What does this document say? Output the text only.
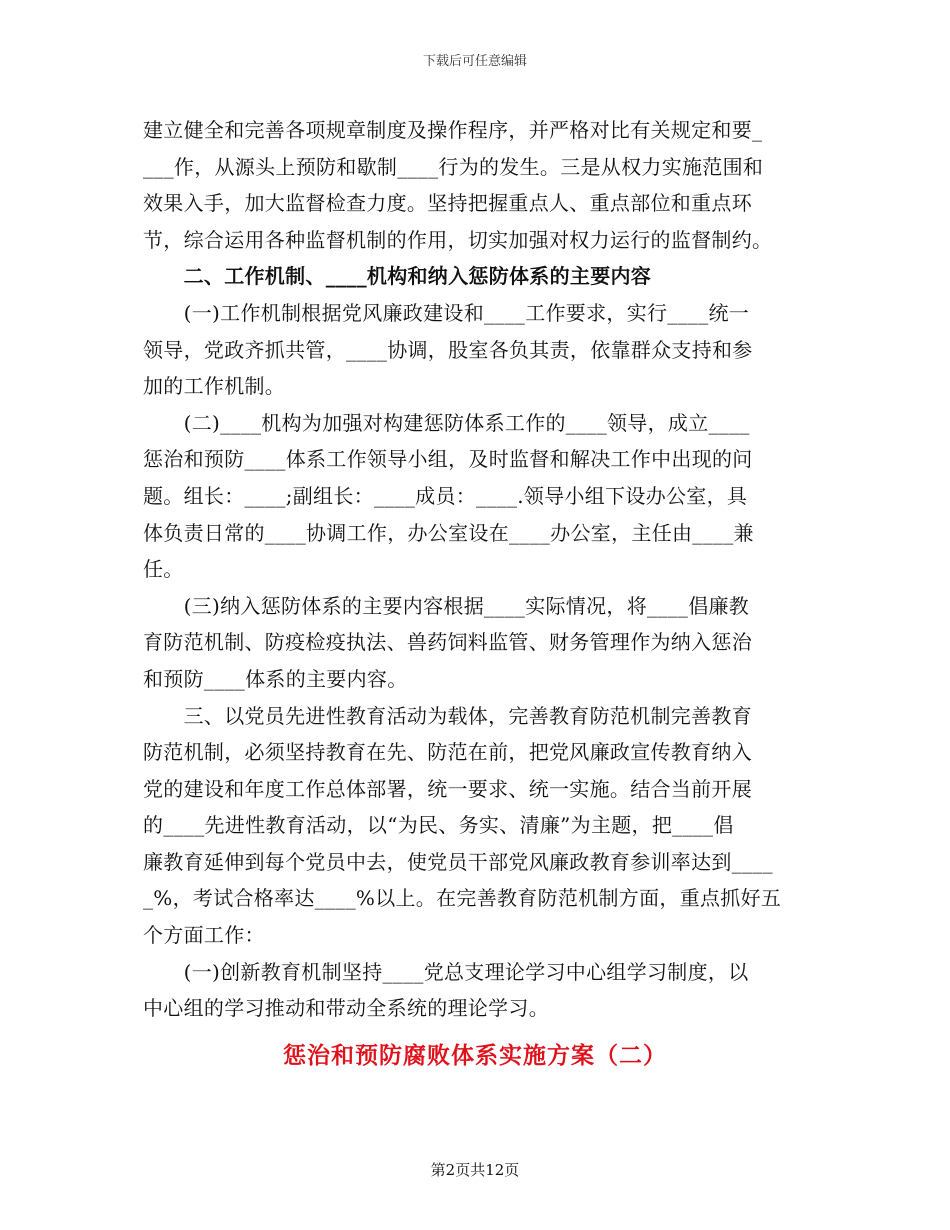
下载后可任意编辑
建立健全和完善各项规章制度及操作程序，并严格对比有关规定和要_
___作，从源头上预防和歇制____行为的发生。三是从权力实施范围和
效果入手，加大监督检查力度。坚持把握重点人、重点部位和重点环
节，综合运用各种监督机制的作用，切实加强对权力运行的监督制约。
　　二、工作机制、____机构和纳入惩防体系的主要内容
　　(一)工作机制根据党风廉政建设和____工作要求，实行____统一
领导，党政齐抓共管，____协调，股室各负其责，依靠群众支持和参
加的工作机制。
　　(二)____机构为加强对构建惩防体系工作的____领导，成立____
惩治和预防____体系工作领导小组，及时监督和解决工作中出现的问
题。组长：____;副组长：____成员：____.领导小组下设办公室，具
体负责日常的____协调工作，办公室设在____办公室，主任由____兼
任。
　　(三)纳入惩防体系的主要内容根据____实际情况，将____倡廉教
育防范机制、防疫检疫执法、兽药饲料监管、财务管理作为纳入惩治
和预防____体系的主要内容。
　　三、以党员先进性教育活动为载体，完善教育防范机制完善教育
防范机制，必须坚持教育在先、防范在前，把党风廉政宣传教育纳入
党的建设和年度工作总体部署，统一要求、统一实施。结合当前开展
的____先进性教育活动，以“为民、务实、清廉”为主题，把____倡
廉教育延伸到每个党员中去，使党员干部党风廉政教育参训率达到____
_%，考试合格率达____%以上。在完善教育防范机制方面，重点抓好五
个方面工作：
　　(一)创新教育机制坚持____党总支理论学习中心组学习制度，以
中心组的学习推动和带动全系统的理论学习。
惩治和预防腐败体系实施方案（二）
第2页共12页
